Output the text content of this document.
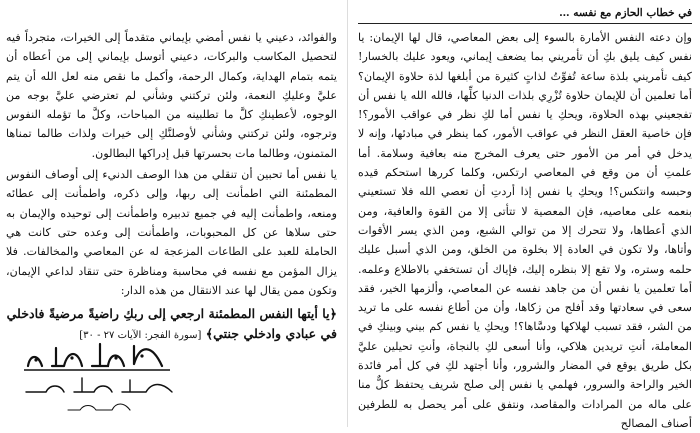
في خطاب الحازم مع نفسه …

وإن دعته النفس الأمارة بالسوء إلى بعض المعاصي، قال لها الإيمان: يا نفس كيف يليق بكِ أن تأمريني بما يضعف إيماني، ويعود عليك بالخسار! كيف تأمريني بلذة ساعة تُفوِّتُ لذاتٍ كثيرة من أبلغها لذة حلاوة الإيمان؟ أما تعلمين أن للإيمان حلاوة تُزْرِي بلذات الدنيا كلِّها، فالله الله يا نفس أن تفجعيني بهذه الحلاوة، ويحكِ يا نفس أما لكِ نظر في عواقب الأمور؟! فإن خاصية العقل النظر في عواقب الأمور، كما ينظر في مبادئها، وإنه لا يدخل في أمر من الأمور حتى يعرف المخرج منه بعافية وسلامة. أما علمتِ أن من وقع في المعاصي ارتكس، وكلما كررها استحكم قيده وحبسه وانتكس؟! ويحكِ يا نفس إذا أردتِ أن تعصي الله فلا تستعيني بنعمه على معاصيه، فإن المعصية لا تتأتى إلا من القوة والعافية، ومن الذي أعطاها، ولا تتحرك إلا من توالي الشبع، ومن الذي يسر الأقوات وأتاها، ولا تكون في العادة إلا بخلوة من الخلق، ومن الذي أسبل عليك حلمه وستره، ولا تقع إلا بنظره إليك، فإياك أن تستخفي بالاطلاع وعلمه. أما تعلمين يا نفس أن من جاهد نفسه عن المعاصي، وألزمها الخير، فقد سعى في سعادتها وقد أفلح من زكاها، وأن من أطاع نفسه على ما تريد من الشر، فقد تسبب لهلاكها ودسَّاها؟! ويحكِ يا نفس كم بيني وبينكِ في المعاملة، أنتِ تريدين هلاكي، وأنا أسعى لكِ بالنجاة، وأنتِ تحيلين عليَّ بكل طريق يوقع في المضار والشرور، وأنا أجتهد لكِ في كل أمر فائدة الخير والراحة والسرور، فهلمي يا نفس إلى صلح شريف يحتفظ كلٌّ منا على ماله من المرادات والمقاصد، ونتفق على أمر يحصل به للطرفين أصناف المصالح

والفوائد، دعيني يا نفس أمضي بإيماني متقدماً إلى الخيرات، متجرداً فيه لتحصيل المكاسب والبركات، دعيني أتوسل بإيماني إلى من أعطاه أن يتمه بتمام الهداية، وكمال الرحمة، وأكمل ما نقص منه لعل الله أن يتم عليَّ وعليكِ النعمة، ولئن تركتني وشأني لم تعترضي عليَّ بوجه من الوجوه، لأعطينكِ كلَّ ما تطلبينه من المباحات، وكلَّ ما تؤمله النفوس وترجوه، ولئن تركتني وشأني لأوصلنَّكِ إلى خيرات ولذات طالما تمناها المتمنون، وطالما مات بحسرتها قبل إدراكها البطالون.

يا نفس أما تحبين أن تنقلي من هذا الوصف الدنيء إلى أوصاف النفوس المطمئنة التي اطمأنت إلى ربها، وإلى ذكره، واطمأنت إلى عطائه ومنعه، واطمأنت إليه في جميع تدبيره واطمأنت إلى توحيده والإيمان به حتى سلاها عن كل المحبوبات، واطمأنت إلى وعده حتى كانت هي الحاملة للعبد على الطاعات المزعجة له عن المعاصي والمخالفات. فلا يزال المؤمن مع نفسه في محاسبة ومناظرة حتى تنقاد لداعي الإيمان، وتكون ممن يقال لها عند الانتقال من هذه الدار:

﴿يا أيتها النفس المطمئنة ارجعي إلى ربكِ راضيةً مرضيةً فادخلي في عبادي وادخلي جنتي﴾ [سورة الفجر: الآيات ٢٧ - ٣٠]
